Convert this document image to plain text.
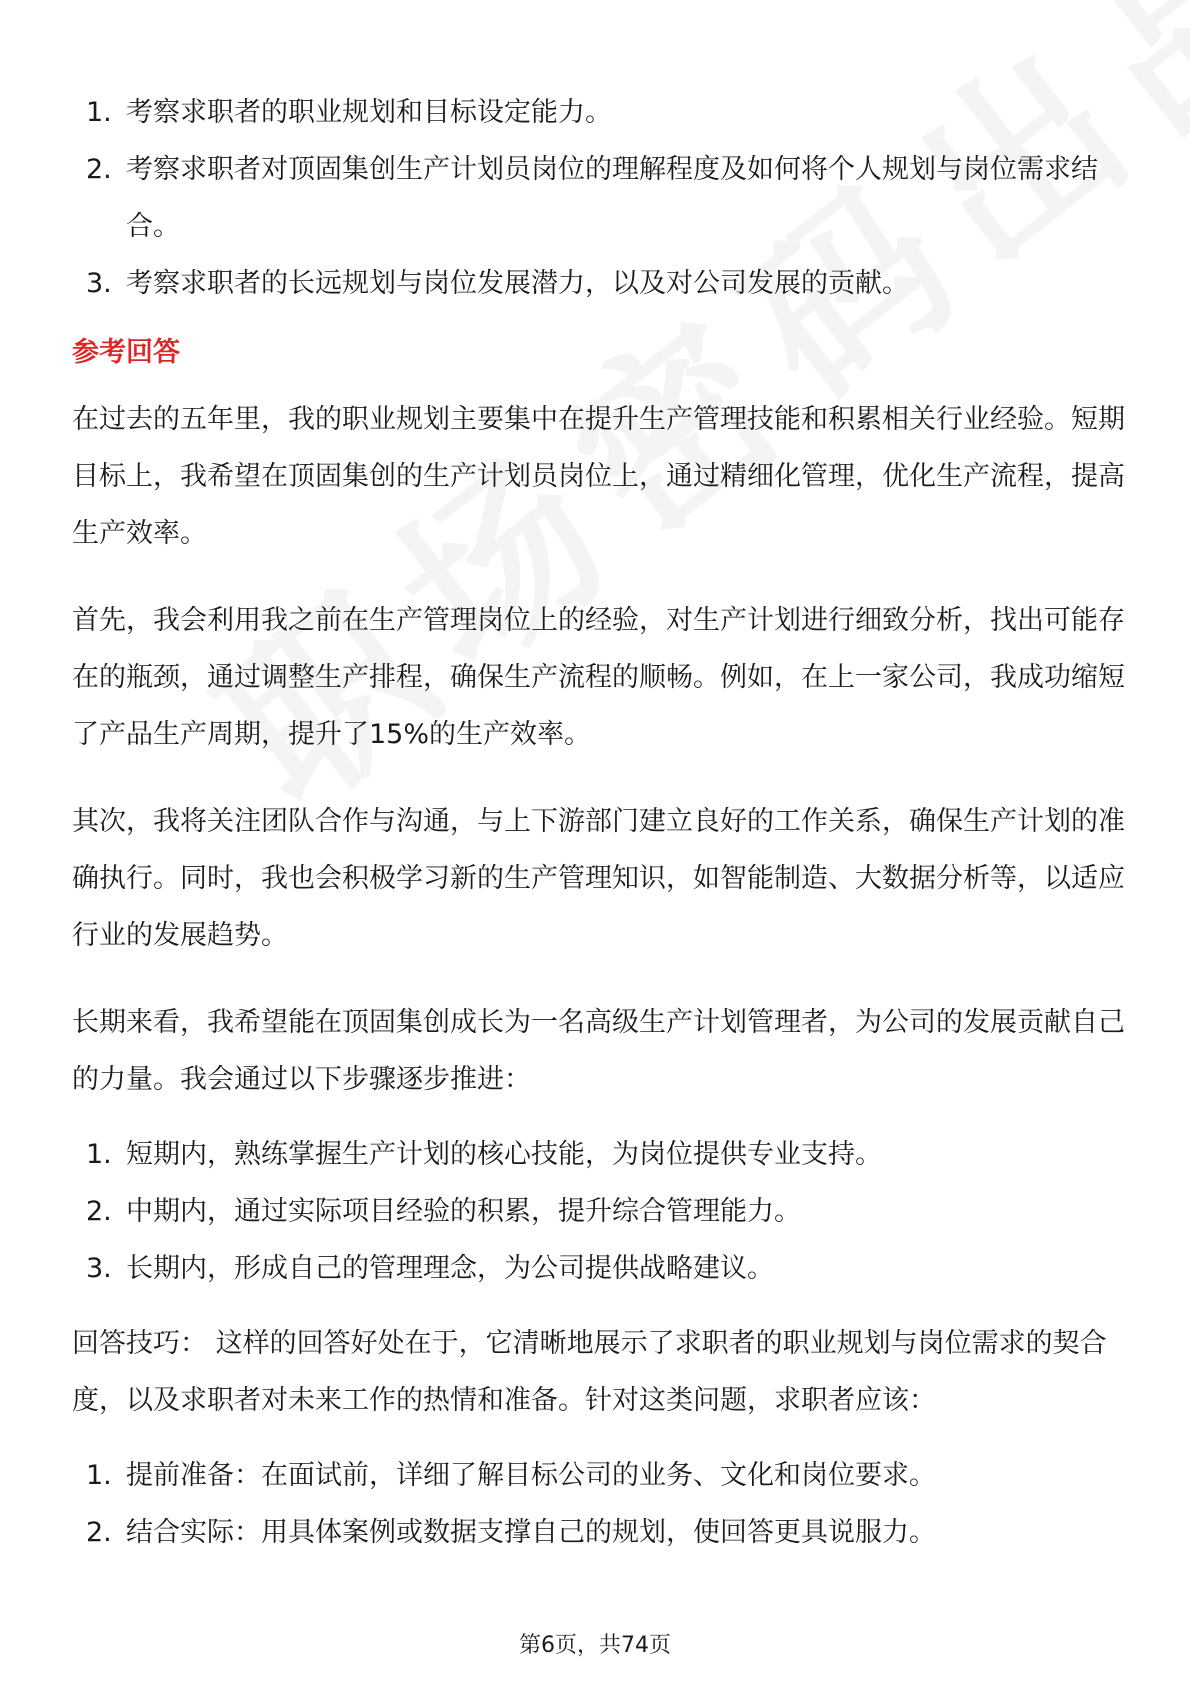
1. 考察求职者的职业规划和目标设定能力。
2. 考察求职者对顶固集创生产计划员岗位的理解程度及如何将个人规划与岗位需求结合。
3. 考察求职者的长远规划与岗位发展潜力，以及对公司发展的贡献。
参考回答

在过去的五年里，我的职业规划主要集中在提升生产管理技能和积累相关行业经验。短期目标上，我希望在顶固集创的生产计划员岗位上，通过精细化管理，优化生产流程，提高生产效率。

首先，我会利用我之前在生产管理岗位上的经验，对生产计划进行细致分析，找出可能存在的瓶颈，通过调整生产排程，确保生产流程的顺畅。例如，在上一家公司，我成功缩短了产品生产周期，提升了15%的生产效率。

其次，我将关注团队合作与沟通，与上下游部门建立良好的工作关系，确保生产计划的准确执行。同时，我也会积极学习新的生产管理知识，如智能制造、大数据分析等，以适应行业的发展趋势。

长期来看，我希望能在顶固集创成长为一名高级生产计划管理者，为公司的发展贡献自己的力量。我会通过以下步骤逐步推进：

1. 短期内，熟练掌握生产计划的核心技能，为岗位提供专业支持。
2. 中期内，通过实际项目经验的积累，提升综合管理能力。
3. 长期内，形成自己的管理理念，为公司提供战略建议。

回答技巧： 这样的回答好处在于，它清晰地展示了求职者的职业规划与岗位需求的契合度，以及求职者对未来工作的热情和准备。针对这类问题，求职者应该：

1. 提前准备：在面试前，详细了解目标公司的业务、文化和岗位要求。
2. 结合实际：用具体案例或数据支撑自己的规划，使回答更具说服力。
第6页，共74页
